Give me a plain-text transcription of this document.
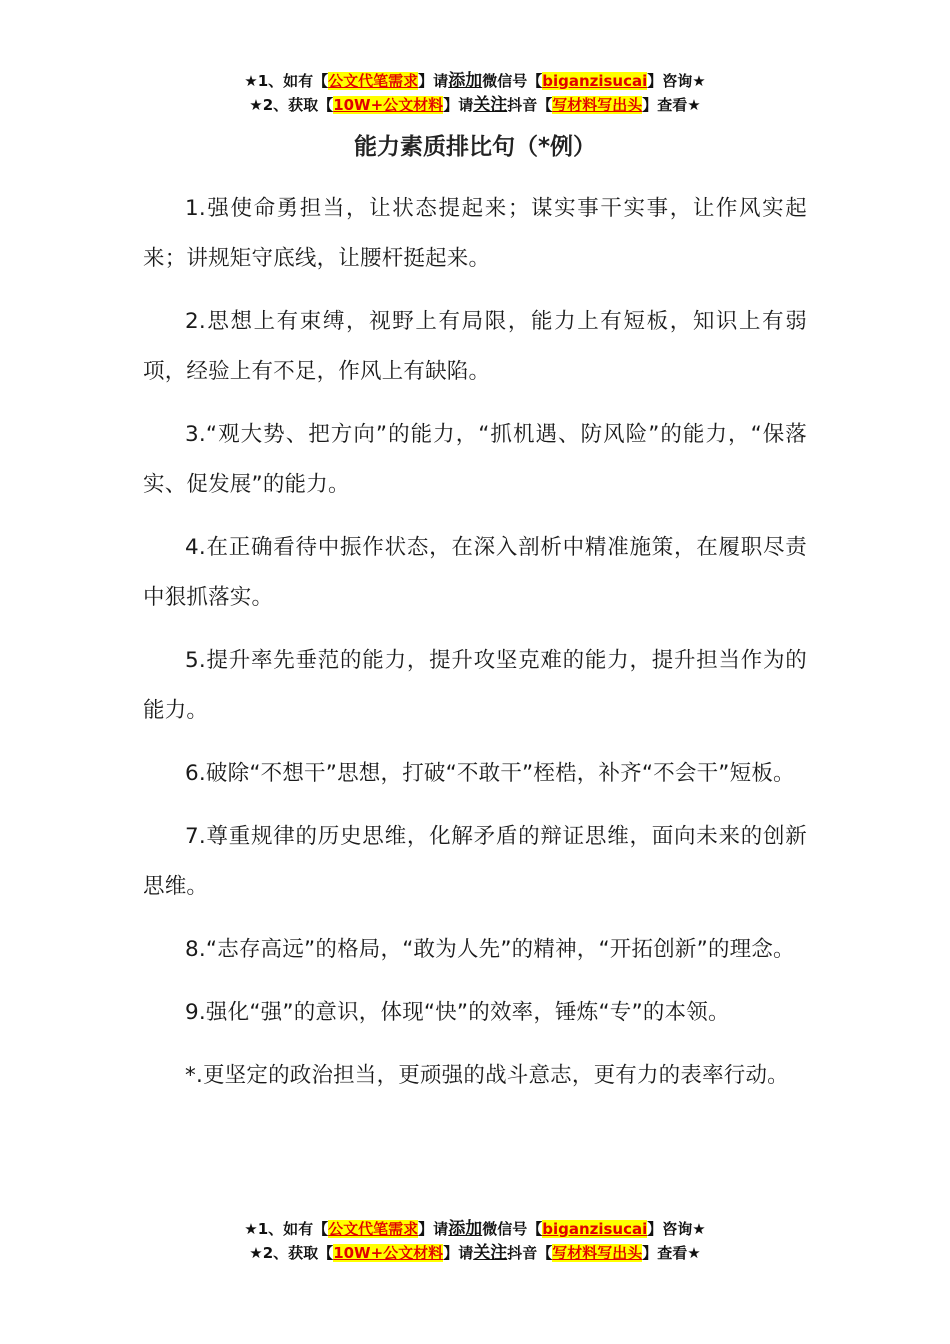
★1、如有【公文代笔需求】请添加微信号【biganzisucai】咨询★
★2、获取【10W+公文材料】请关注抖音【写材料写出头】查看★
能力素质排比句（*例）

1.强使命勇担当，让状态提起来；谋实事干实事，让作风实起来；讲规矩守底线，让腰杆挺起来。

2.思想上有束缚，视野上有局限，能力上有短板，知识上有弱项，经验上有不足，作风上有缺陷。

3.“观大势、把方向”的能力，“抓机遇、防风险”的能力，“保落实、促发展”的能力。

4.在正确看待中振作状态，在深入剖析中精准施策，在履职尽责中狠抓落实。

5.提升率先垂范的能力，提升攻坚克难的能力，提升担当作为的能力。

6.破除“不想干”思想，打破“不敢干”桎梏，补齐“不会干”短板。

7.尊重规律的历史思维，化解矛盾的辩证思维，面向未来的创新思维。

8.“志存高远”的格局，“敢为人先”的精神，“开拓创新”的理念。

9.强化“强”的意识，体现“快”的效率，锤炼“专”的本领。

*.更坚定的政治担当，更顽强的战斗意志，更有力的表率行动。

★1、如有【公文代笔需求】请添加微信号【biganzisucai】咨询★
★2、获取【10W+公文材料】请关注抖音【写材料写出头】查看★
